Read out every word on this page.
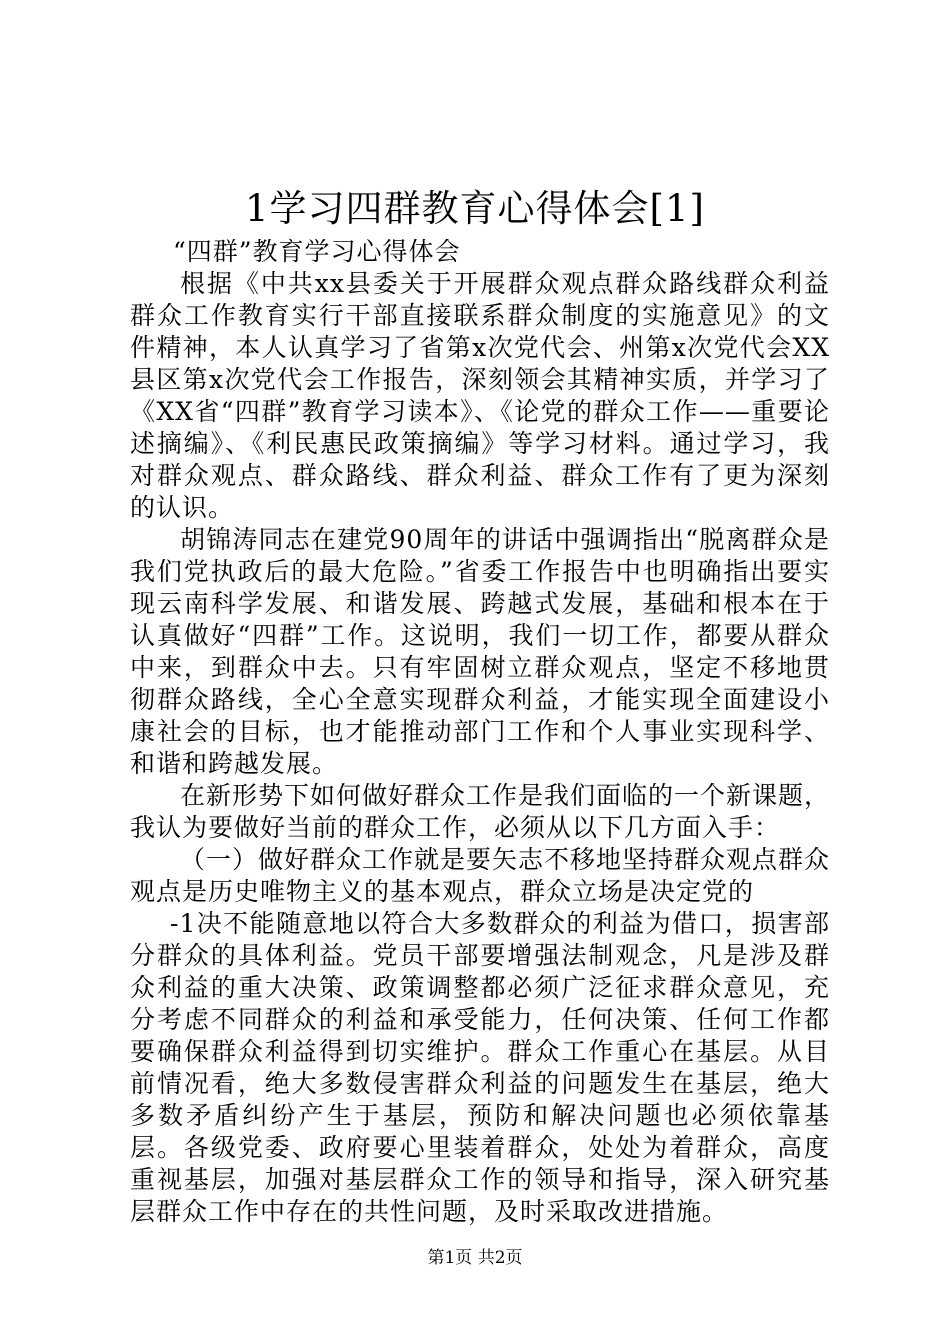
1学习四群教育心得体会[1]

“四群”教育学习心得体会

根据《中共xx县委关于开展群众观点群众路线群众利益群众工作教育实行干部直接联系群众制度的实施意见》的文件精神，本人认真学习了省第x次党代会、州第x次党代会XX县区第x次党代会工作报告，深刻领会其精神实质，并学习了《XX省“四群”教育学习读本》、《论党的群众工作——重要论述摘编》、《利民惠民政策摘编》等学习材料。通过学习，我对群众观点、群众路线、群众利益、群众工作有了更为深刻的认识。

胡锦涛同志在建党90周年的讲话中强调指出“脱离群众是我们党执政后的最大危险。”省委工作报告中也明确指出要实现云南科学发展、和谐发展、跨越式发展，基础和根本在于认真做好“四群”工作。这说明，我们一切工作，都要从群众中来，到群众中去。只有牢固树立群众观点，坚定不移地贯彻群众路线，全心全意实现群众利益，才能实现全面建设小康社会的目标，也才能推动部门工作和个人事业实现科学、和谐和跨越发展。

在新形势下如何做好群众工作是我们面临的一个新课题，我认为要做好当前的群众工作，必须从以下几方面入手：

（一）做好群众工作就是要矢志不移地坚持群众观点群众观点是历史唯物主义的基本观点，群众立场是决定党的

-1决不能随意地以符合大多数群众的利益为借口，损害部分群众的具体利益。党员干部要增强法制观念，凡是涉及群众利益的重大决策、政策调整都必须广泛征求群众意见，充分考虑不同群众的利益和承受能力，任何决策、任何工作都要确保群众利益得到切实维护。群众工作重心在基层。从目前情况看，绝大多数侵害群众利益的问题发生在基层，绝大多数矛盾纠纷产生于基层，预防和解决问题也必须依靠基层。各级党委、政府要心里装着群众，处处为着群众，高度重视基层，加强对基层群众工作的领导和指导，深入研究基层群众工作中存在的共性问题，及时采取改进措施。

第1页 共2页
